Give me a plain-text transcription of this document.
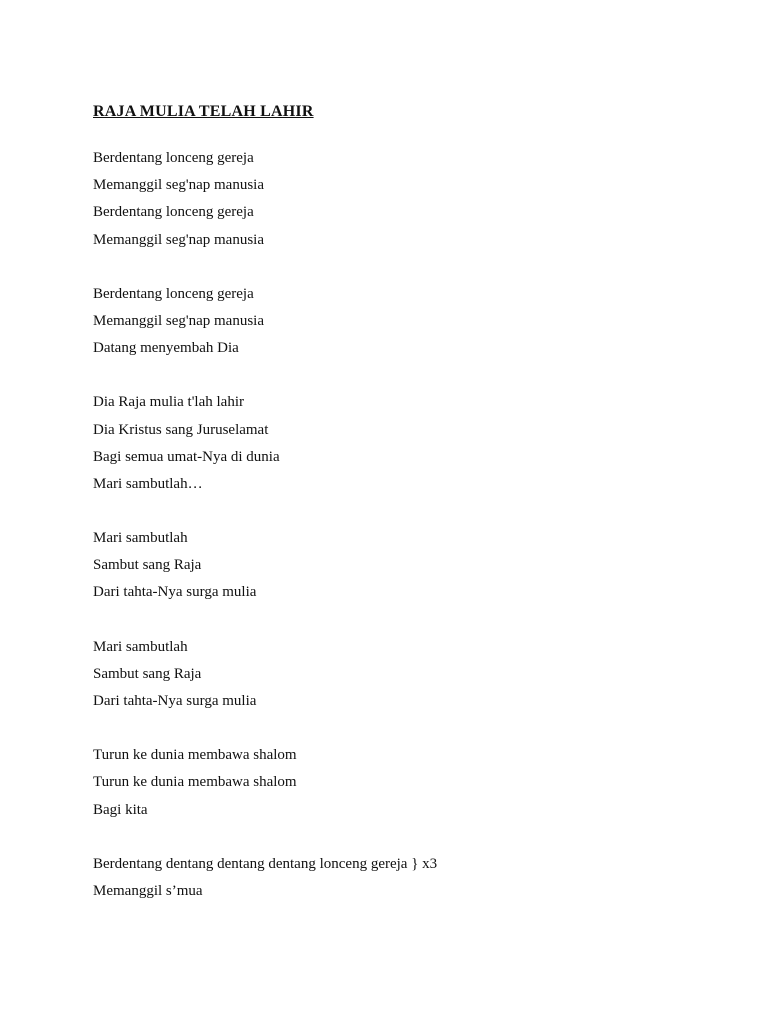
RAJA MULIA TELAH LAHIR
Berdentang lonceng gereja
Memanggil seg'nap manusia
Berdentang lonceng gereja
Memanggil seg'nap manusia
Berdentang lonceng gereja
Memanggil seg'nap manusia
Datang menyembah Dia
Dia Raja mulia t'lah lahir
Dia Kristus sang Juruselamat
Bagi semua umat-Nya di dunia
Mari sambutlah…
Mari sambutlah
Sambut sang Raja
Dari tahta-Nya surga mulia
Mari sambutlah
Sambut sang Raja
Dari tahta-Nya surga mulia
Turun ke dunia membawa shalom
Turun ke dunia membawa shalom
Bagi kita
Berdentang dentang dentang dentang lonceng gereja } x3
Memanggil s’mua
